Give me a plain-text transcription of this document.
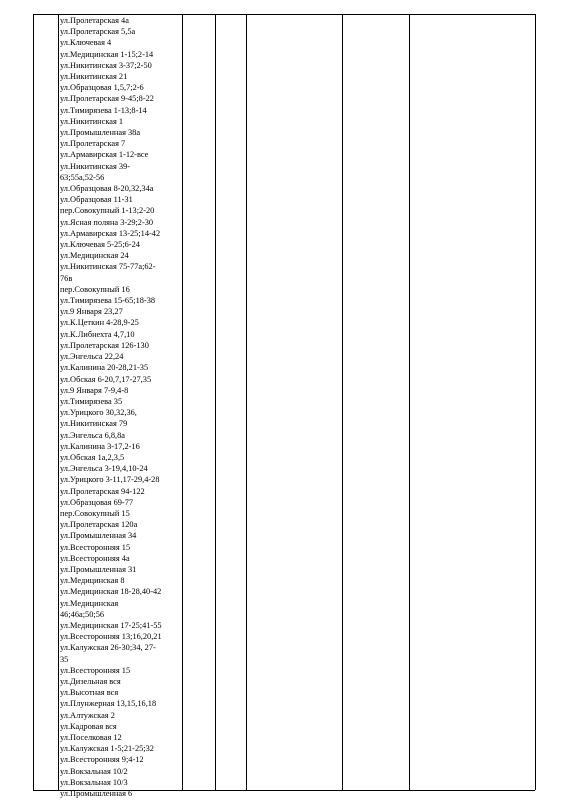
ул.Пролетарская 4а
ул.Пролетарская 5,5а
ул.Ключевая 4
ул.Медицинская 1-15;2-14
ул.Никитинская 3-37;2-50
ул.Никитинская 21
ул.Образцовая 1,5,7;2-6
ул.Пролетарская 9-45;8-22
ул.Тимирязева 1-13;8-14
ул.Никитинская 1
ул.Промышленная 38а
ул.Пролетарская 7
ул.Армавирская 1-12-все
ул.Никитинская 39-
63;55а,52-56
ул.Образцовая 8-20,32,34а
ул.Образцовая 11-31
пер.Совокупный 1-13;2-20
ул.Ясная поляна 3-29;2-30
ул.Армавирская 13-25;14-42
ул.Ключевая 5-25;6-24
ул.Медицинская 24
ул.Никитинская 75-77а;62-
76в
пер.Совокупный 16
ул.Тимирязева 15-65;18-38
ул.9 Января 23,27
ул.К.Цеткин 4-28,9-25
ул.К.Либнехта 4,7,10
ул.Пролетарская 126-130
ул.Энгельса 22,24
ул.Калинина 20-28,21-35
ул.Обская 6-20,7,17-27,35
ул.9 Января 7-9,4-8
ул.Тимирязева 35
ул.Урицкого 30,32,36,
ул.Никитинская 79
ул.Энгельса 6,8,8а
ул.Калинина 3-17,2-16
ул.Обская 1а,2,3,5
ул.Энгельса 3-19,4,10-24
ул.Урицкого 3-11,17-29,4-28
ул.Пролетарская 94-122
ул.Образцовая 69-77
пер.Совокупный 15
ул.Пролетарская 120а
ул.Промышленная 34
ул.Всесторонняя 15
ул.Всесторонняя 4а
ул.Промышленная 31
ул.Медицинская 8
ул.Медицинская 18-28,40-42
ул.Медицинская
46;46а;50;56
ул.Медицинская 17-25;41-55
ул.Всесторонняя 13;16,20,21
ул.Калужская 26-30;34, 27-
35
ул.Всесторонняя 15
ул.Дизельная вся
ул.Высотная вся
ул.Плунжерная 13,15,16,18
ул.Алтужская 2
ул.Кадровая вся
ул.Поселковая 12
ул.Калужская 1-5;21-25;32
ул.Всесторонняя 9;4-12
ул.Вокзальная 10/2
ул.Вокзальная 10/3
ул.Промышленная 6
